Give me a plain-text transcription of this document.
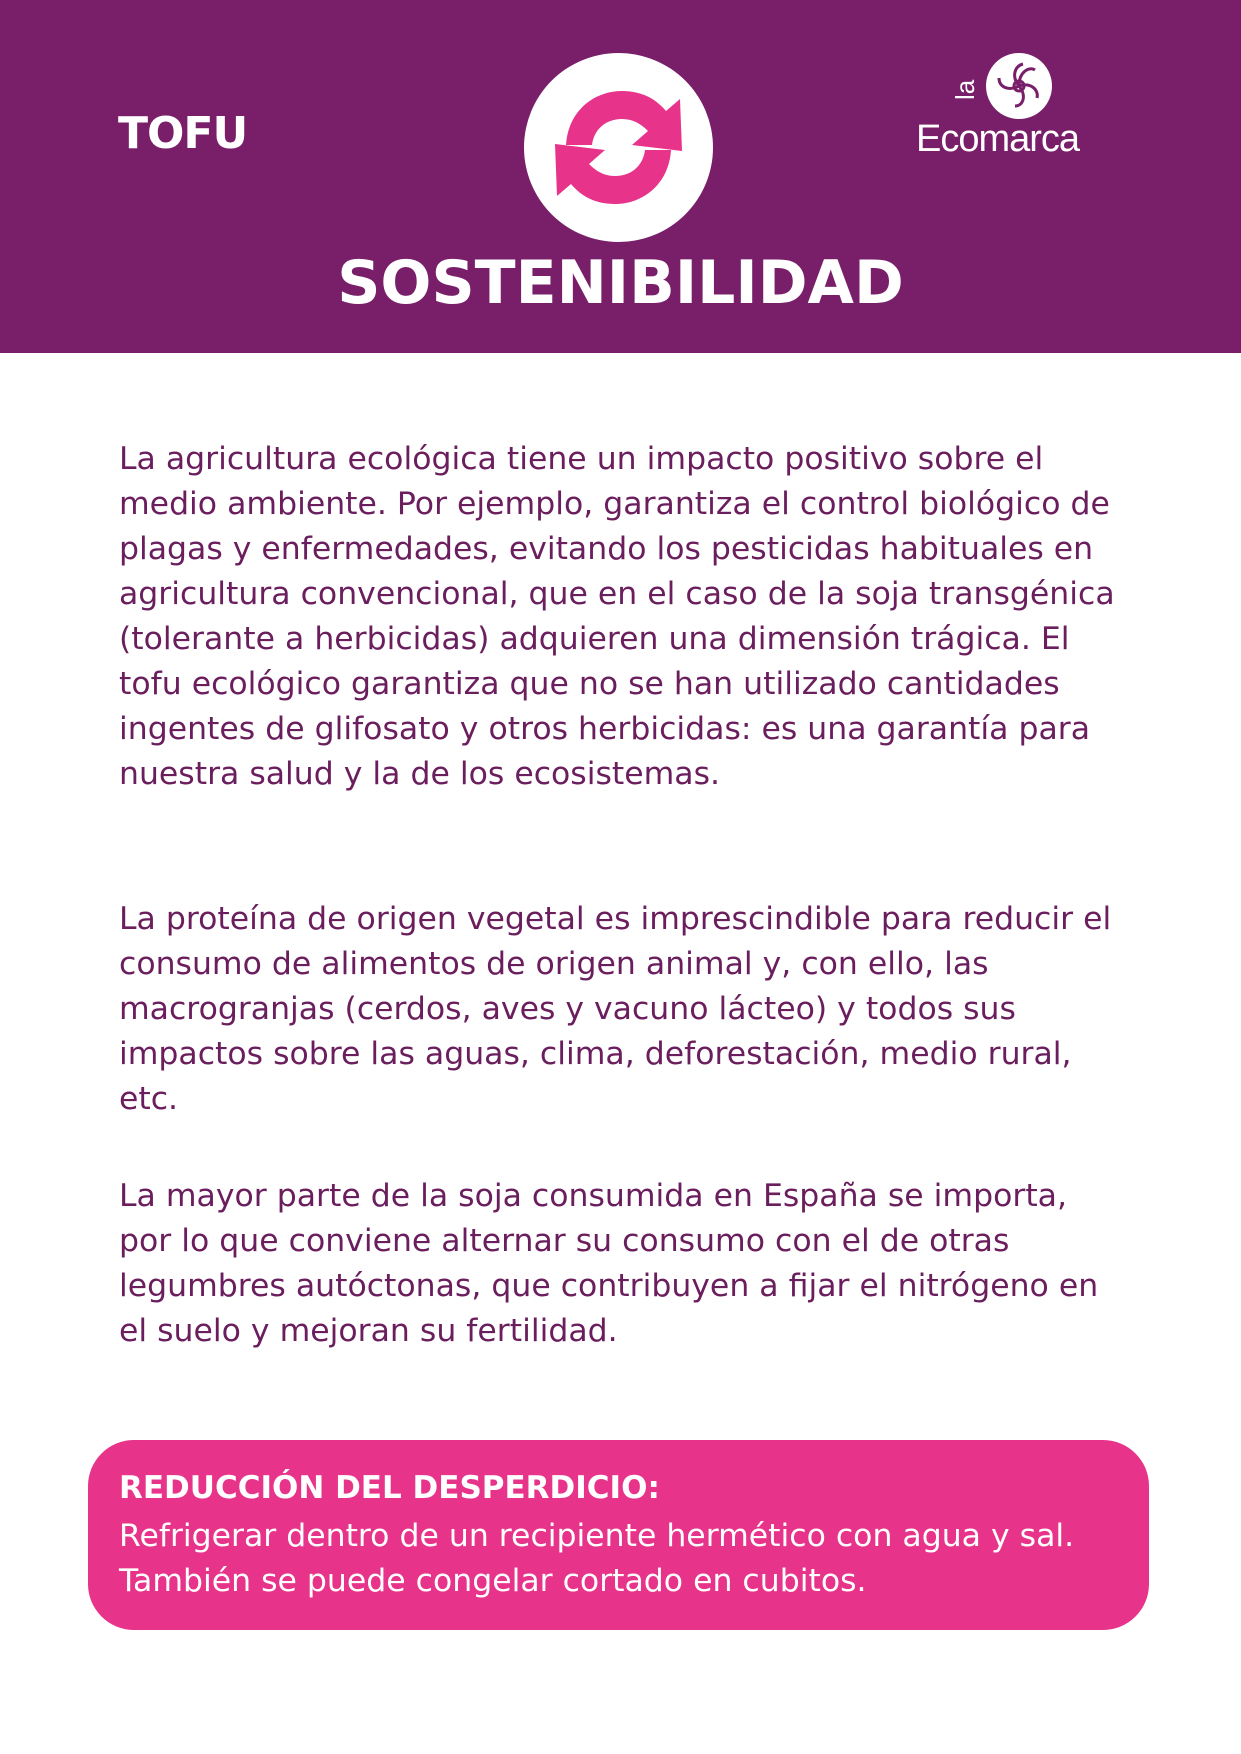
TOFU
SOSTENIBILIDAD
la
Ecomarca

La agricultura ecológica tiene un impacto positivo sobre el medio ambiente. Por ejemplo, garantiza el control biológico de plagas y enfermedades, evitando los pesticidas habituales en agricultura convencional, que en el caso de la soja transgénica (tolerante a herbicidas) adquieren una dimensión trágica. El tofu ecológico garantiza que no se han utilizado cantidades ingentes de glifosato y otros herbicidas: es una garantía para nuestra salud y la de los ecosistemas.

La proteína de origen vegetal es imprescindible para reducir el consumo de alimentos de origen animal y, con ello, las macrogranjas (cerdos, aves y vacuno lácteo) y todos sus impactos sobre las aguas, clima, deforestación, medio rural, etc.

La mayor parte de la soja consumida en España se importa, por lo que conviene alternar su consumo con el de otras legumbres autóctonas, que contribuyen a fijar el nitrógeno en el suelo y mejoran su fertilidad.

REDUCCIÓN DEL DESPERDICIO:

Refrigerar dentro de un recipiente hermético con agua y sal. También se puede congelar cortado en cubitos.
